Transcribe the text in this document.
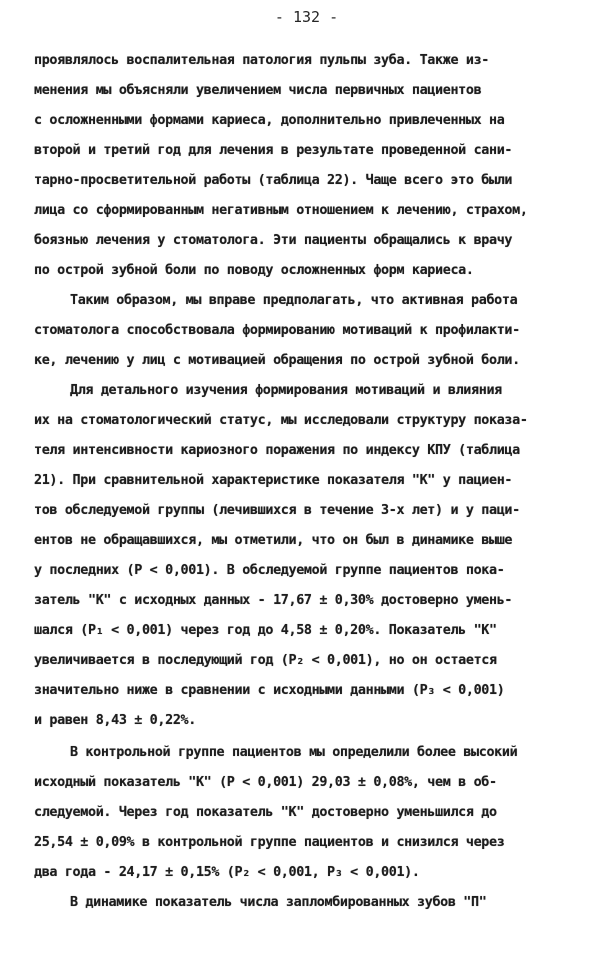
- 132 -
проявлялось воспалительная патология пульпы зуба. Также из-
менения мы объясняли увеличением числа первичных пациентов
с осложненными формами кариеса, дополнительно привлеченных на
второй и третий год для лечения в результате проведенной сани-
тарно-просветительной работы (таблица 22). Чаще всего это были
лица со сформированным негативным отношением к лечению, страхом,
боязнью лечения у стоматолога. Эти пациенты обращались к врачу
по острой зубной боли по поводу осложненных форм кариеса.
Таким образом, мы вправе предполагать, что активная работа
стоматолога способствовала формированию мотиваций к профилакти-
ке, лечению у лиц с мотивацией обращения по острой зубной боли.
Для детального изучения формирования мотиваций и влияния
их на стоматологический статус, мы исследовали структуру показа-
теля интенсивности кариозного поражения по индексу КПУ (таблица
21). При сравнительной характеристике показателя "К" у пациен-
тов обследуемой группы (лечившихся в течение 3-х лет) и у паци-
ентов не обращавшихся, мы отметили, что он был в динамике выше
у последних (P < 0,001). В обследуемой группе пациентов пока-
затель "К" с исходных данных - 17,67 ± 0,30% достоверно умень-
шался (P₁ < 0,001) через год до 4,58 ± 0,20%. Показатель "К"
увеличивается в последующий год (P₂ < 0,001), но он остается
значительно ниже в сравнении с исходными данными (P₃ < 0,001)
и равен 8,43 ± 0,22%.
В контрольной группе пациентов мы определили более высокий
исходный показатель "К" (P < 0,001) 29,03 ± 0,08%, чем в об-
следуемой. Через год показатель "К" достоверно уменьшился до
25,54 ± 0,09% в контрольной группе пациентов и снизился через
два года - 24,17 ± 0,15% (P₂ < 0,001, P₃ < 0,001).
В динамике показатель числа запломбированных зубов "П"
